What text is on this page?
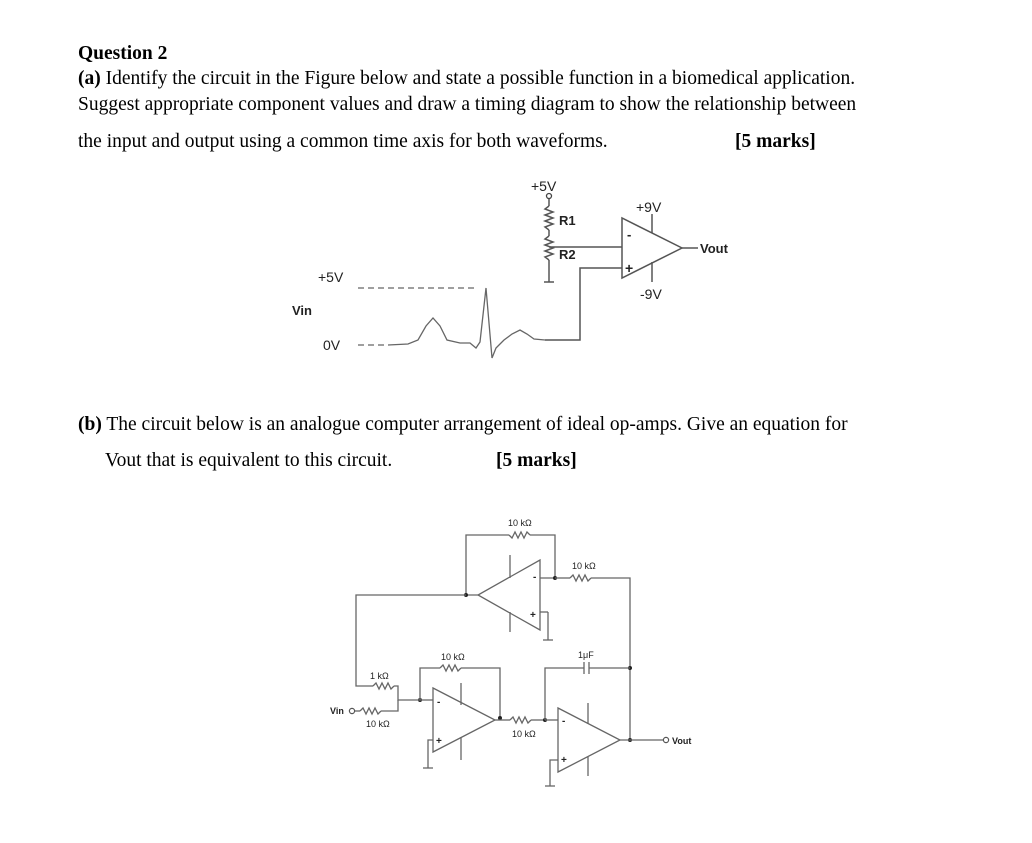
Question 2
(a) Identify the circuit in the Figure below and state a possible function in a biomedical application.
Suggest appropriate component values and draw a timing diagram to show the relationship between
the input and output using a common time axis for both waveforms.	[5 marks]
(b) The circuit below is an analogue computer arrangement of ideal op-amps. Give an equation for
Vout that is equivalent to this circuit.	[5 marks]
-
+
+5V
R1
R2
+9V
-9V
Vout
Vin
+5V
0V
-
+
-
+
-
+
10 kΩ
10 kΩ
10 kΩ
1 kΩ
10 kΩ
10 kΩ
1μF
Vin
Vout
